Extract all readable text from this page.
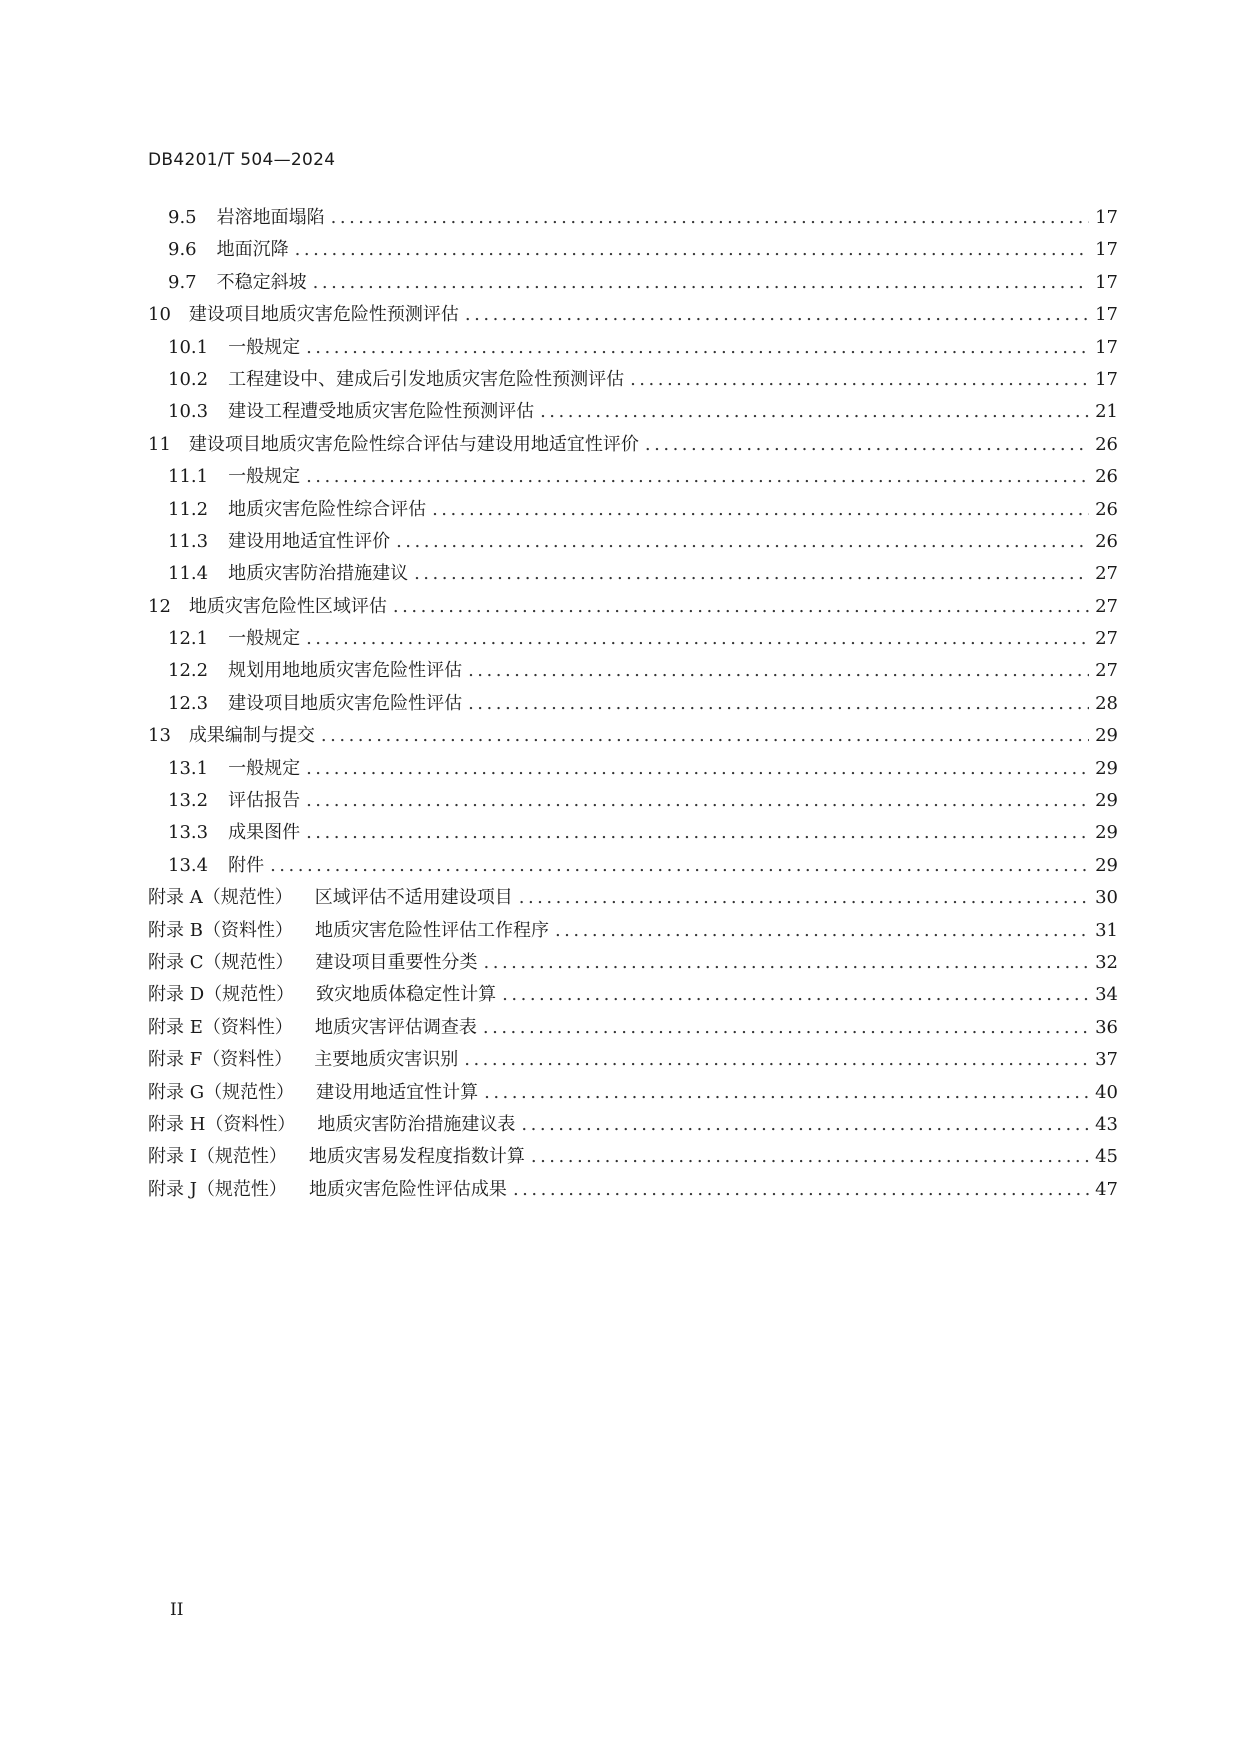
DB4201/T 504—2024
9.5 岩溶地面塌陷 .....	17
9.6 地面沉降 .....	17
9.7 不稳定斜坡 .....	17
10 建设项目地质灾害危险性预测评估 .....	17
10.1 一般规定 .....	17
10.2 工程建设中、建成后引发地质灾害危险性预测评估 .....	17
10.3 建设工程遭受地质灾害危险性预测评估 .....	21
11 建设项目地质灾害危险性综合评估与建设用地适宜性评价 .....	26
11.1 一般规定 .....	26
11.2 地质灾害危险性综合评估 .....	26
11.3 建设用地适宜性评价 .....	26
11.4 地质灾害防治措施建议 .....	27
12 地质灾害危险性区域评估 .....	27
12.1 一般规定 .....	27
12.2 规划用地地质灾害危险性评估 .....	27
12.3 建设项目地质灾害危险性评估 .....	28
13 成果编制与提交 .....	29
13.1 一般规定 .....	29
13.2 评估报告 .....	29
13.3 成果图件 .....	29
13.4 附件 .....	29
附录 A（规范性） 区域评估不适用建设项目 .....	30
附录 B（资料性） 地质灾害危险性评估工作程序 .....	31
附录 C（规范性） 建设项目重要性分类 .....	32
附录 D（规范性） 致灾地质体稳定性计算 .....	34
附录 E（资料性） 地质灾害评估调查表 .....	36
附录 F（资料性） 主要地质灾害识别 .....	37
附录 G（规范性） 建设用地适宜性计算 .....	40
附录 H（资料性） 地质灾害防治措施建议表 .....	43
附录 I（规范性） 地质灾害易发程度指数计算 .....	45
附录 J（规范性） 地质灾害危险性评估成果 .....	47
II
